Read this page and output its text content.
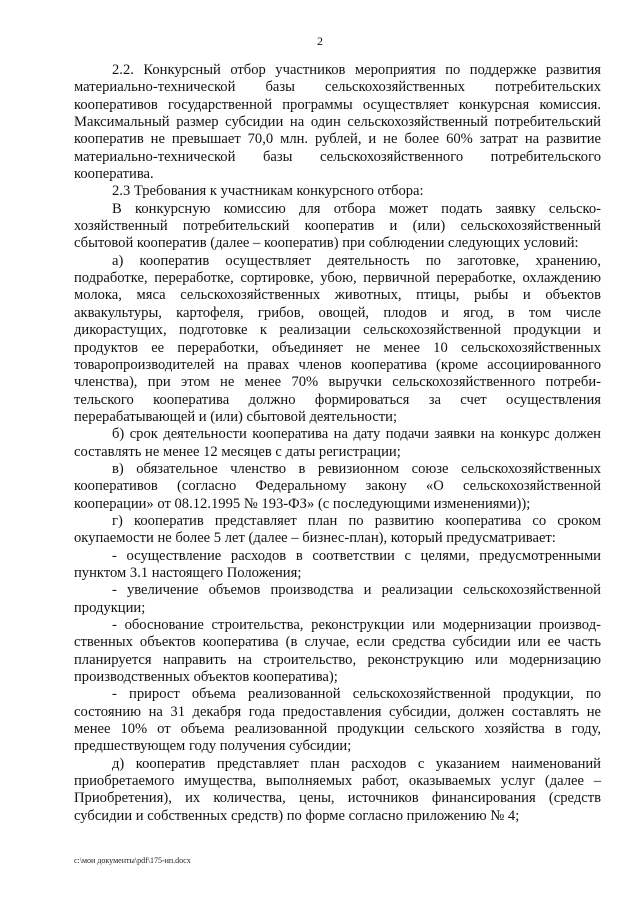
2

2.2. Конкурсный отбор участников мероприятия по поддержке развития материально-технической базы сельскохозяйственных потребительских кооперативов государственной программы осуществляет конкурсная комиссия. Максимальный размер субсидии на один сельскохозяйственный потребительский кооператив не превышает 70,0 млн. рублей, и не более 60% затрат на развитие материально-технической базы сельскохозяйственного потребительского кооператива.

2.3 Требования к участникам конкурсного отбора:

В конкурсную комиссию для отбора может подать заявку сельскохозяйственный потребительский кооператив и (или) сельскохозяйственный сбытовой кооператив (далее – кооператив) при соблюдении следующих условий:

а) кооператив осуществляет деятельность по заготовке, хранению, подработке, переработке, сортировке, убою, первичной переработке, охлаждению молока, мяса сельскохозяйственных животных, птицы, рыбы и объектов аквакультуры, картофеля, грибов, овощей, плодов и ягод, в том числе дикорастущих, подготовке к реализации сельскохозяйственной продукции и продуктов ее переработки, объединяет не менее 10 сельскохозяйственных товаропроизводителей на правах членов кооператива (кроме ассоциированного членства), при этом не менее 70% выручки сельскохозяйственного потребительского кооператива должно формироваться за счет осуществления перерабатывающей и (или) сбытовой деятельности;

б) срок деятельности кооператива на дату подачи заявки на конкурс должен составлять не менее 12 месяцев с даты регистрации;

в) обязательное членство в ревизионном союзе сельскохозяйственных кооперативов (согласно Федеральному закону «О сельскохозяйственной кооперации» от 08.12.1995 № 193-ФЗ» (с последующими изменениями));

г) кооператив представляет план по развитию кооператива со сроком окупаемости не более 5 лет (далее – бизнес-план), который предусматривает:

- осуществление расходов в соответствии с целями, предусмотренными пунктом 3.1 настоящего Положения;

- увеличение объемов производства и реализации сельскохозяйственной продукции;

- обоснование строительства, реконструкции или модернизации производственных объектов кооператива (в случае, если средства субсидии или ее часть планируется направить на строительство, реконструкцию или модернизацию производственных объектов кооператива);

- прирост объема реализованной сельскохозяйственной продукции, по состоянию на 31 декабря года предоставления субсидии, должен составлять не менее 10% от объема реализованной продукции сельского хозяйства в году, предшествующем году получения субсидии;

д) кооператив представляет план расходов с указанием наименований приобретаемого имущества, выполняемых работ, оказываемых услуг (далее – Приобретения), их количества, цены, источников финансирования (средств субсидии и собственных средств) по форме согласно приложению № 4;

c:\мои документы\pdf\175-ип.docx
